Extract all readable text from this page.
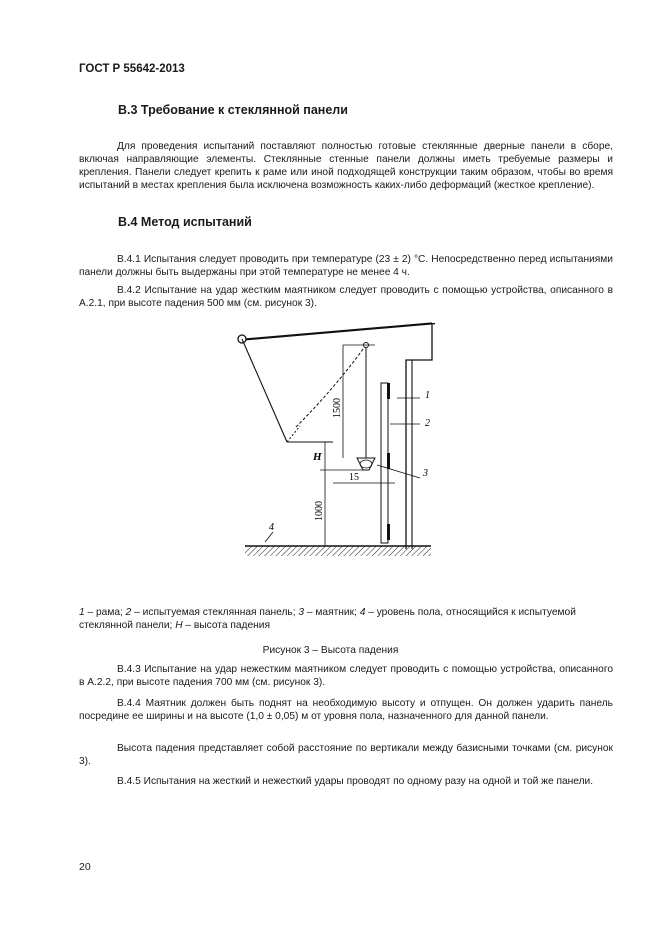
ГОСТ Р 55642-2013
В.3 Требование к стеклянной панели

Для проведения испытаний поставляют полностью готовые стеклянные дверные панели в сборе, включая направляющие элементы. Стеклянные стенные панели должны иметь требуемые размеры и крепления. Панели следует крепить к раме или иной подходящей конструкции таким образом, чтобы во время испытаний в местах крепления была исключена возможность каких-либо деформаций (жесткое крепление).

В.4 Метод испытаний

В.4.1 Испытания следует проводить при температуре (23 ± 2) °C. Непосредственно перед испытаниями панели должны быть выдержаны при этой температуре не менее 4 ч.

В.4.2 Испытание на удар жестким маятником следует проводить с помощью устройства, описанного в А.2.1, при высоте падения 500 мм (см. рисунок 3).

1
2
3
4
1500
1000
15
H

1 – рама; 2 – испытуемая стеклянная панель; 3 – маятник; 4 – уровень пола, относящийся к испытуемой стеклянной панели; H – высота падения

Рисунок 3 – Высота падения

В.4.3 Испытание на удар нежестким маятником следует проводить с помощью устройства, описанного в А.2.2, при высоте падения 700 мм (см. рисунок 3).

В.4.4 Маятник должен быть поднят на необходимую высоту и отпущен. Он должен ударить панель посредине ее ширины и на высоте (1,0 ± 0,05) м от уровня пола, назначенного для данной панели.

Высота падения представляет собой расстояние по вертикали между базисными точками (см. рисунок 3).

В.4.5 Испытания на жесткий и нежесткий удары проводят по одному разу на одной и той же панели.

20
